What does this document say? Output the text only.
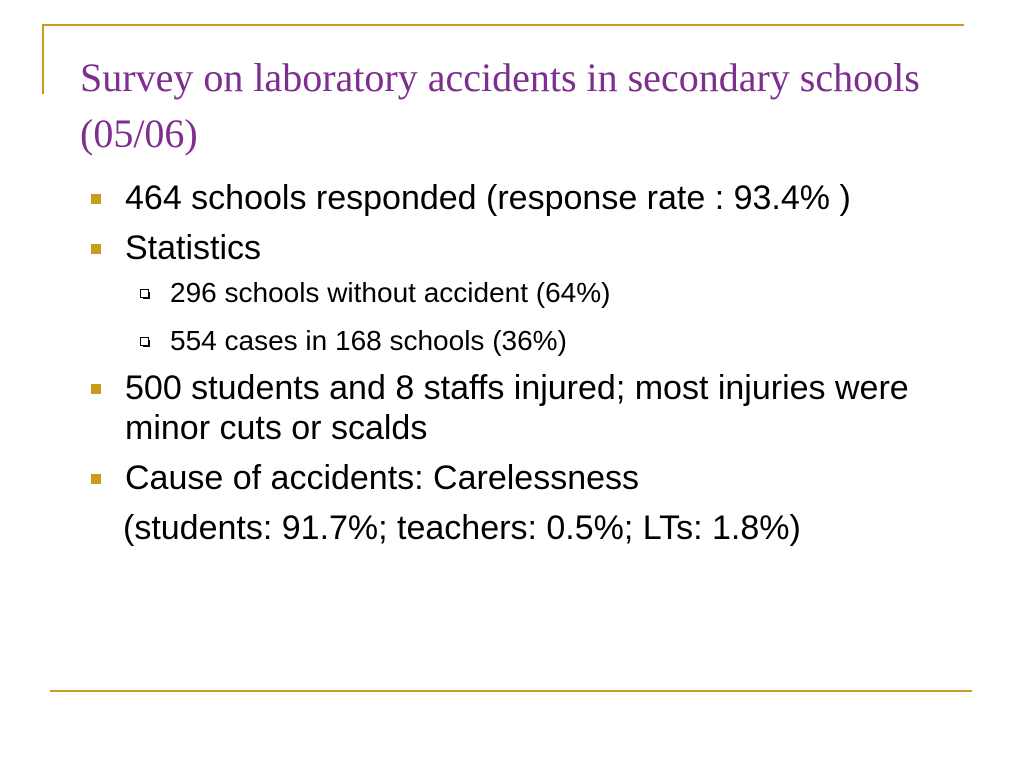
Survey on laboratory accidents in secondary schools (05/06)
464 schools responded (response rate : 93.4% )
Statistics
296 schools without accident (64%)
554 cases in 168 schools (36%)
500 students and 8 staffs injured; most injuries were minor cuts or scalds
Cause of accidents: Carelessness
(students: 91.7%; teachers: 0.5%; LTs: 1.8%)
